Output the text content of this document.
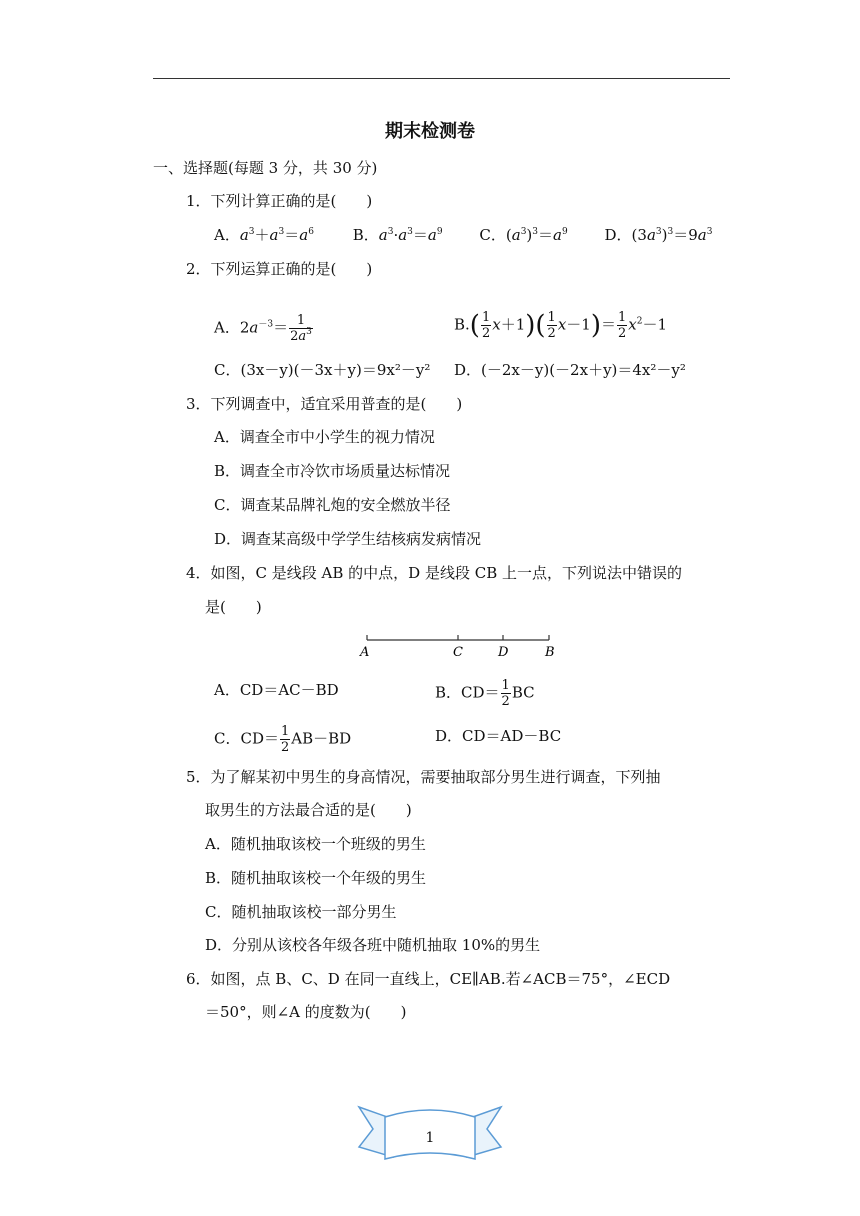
期末检测卷
一、选择题(每题 3 分，共 30 分)
1．下列计算正确的是(　　)
A．$a^3+a^3=a^6$	B．$a^3\cdot a^3=a^9$ C．$(a^3)^3=a^9$ D．$(3a^3)^3=9a^3$
2．下列运算正确的是(　　)
A．$2a^{-3}= \frac{1}{2a^3}$	$B.( \frac{1}{2} x+1)( \frac{1}{2} x-1)= \frac{1}{2} x^2-1$
C．(3x－y)(－3x＋y)＝9x²－y² D．(－2x－y)(－2x＋y)＝4x²－y²
3．下列调查中，适宜采用普查的是(　　)
A．调查全市中小学生的视力情况
B．调查全市冷饮市场质量达标情况
C．调查某品牌礼炮的安全燃放半径
D．调查某高级中学学生结核病发病情况
4．如图，C 是线段 AB 的中点，D 是线段 CB 上一点，下列说法中错误的
是(　　)
A	C	D	B
A．CD＝AC－BD	B．$CD= \frac{1}{2}$ BC
C．$CD= \frac{1}{2} AB-BD$	D．CD＝AD－BC
5．为了解某初中男生的身高情况，需要抽取部分男生进行调查，下列抽
取男生的方法最合适的是(　　)
A．随机抽取该校一个班级的男生
B．随机抽取该校一个年级的男生
C．随机抽取该校一部分男生
D．分别从该校各年级各班中随机抽取 10%的男生
6．如图，点 B、C、D 在同一直线上，CE∥AB.若∠ACB＝75°，∠ECD
＝50°，则∠A 的度数为(　　)
1
